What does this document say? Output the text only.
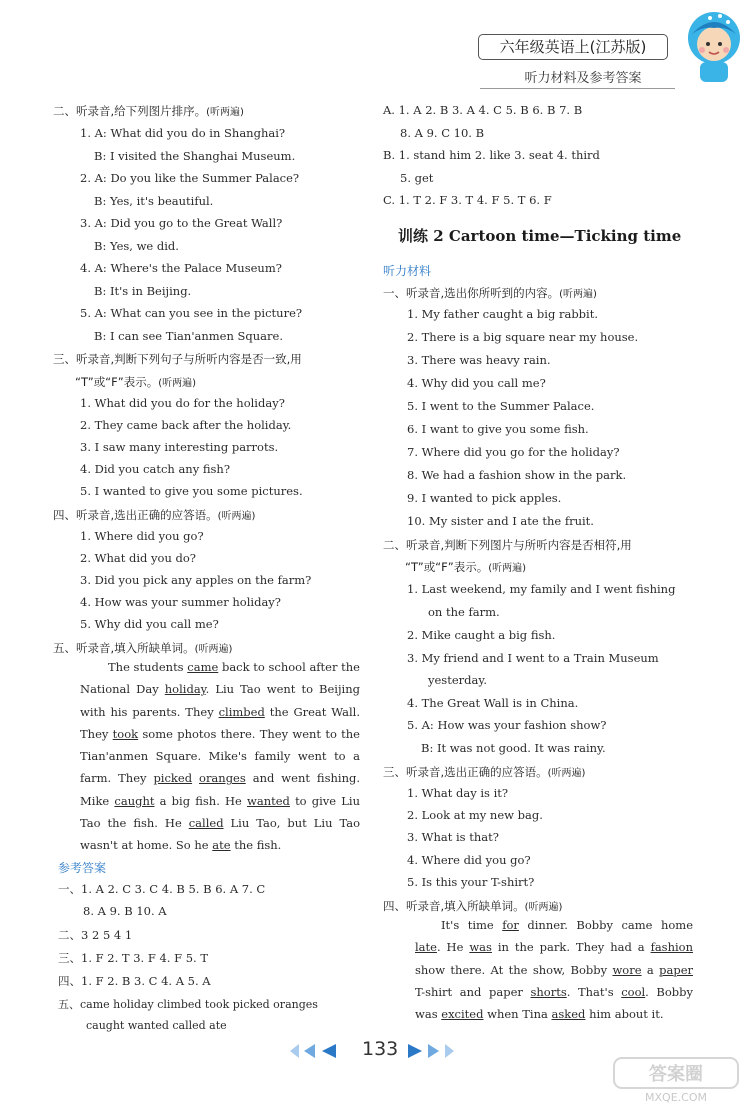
六年级英语上(江苏版)
听力材料及参考答案
二、听录音,给下列图片排序。(听两遍)
1. A: What did you do in Shanghai?
B: I visited the Shanghai Museum.
2. A: Do you like the Summer Palace?
B: Yes, it's beautiful.
3. A: Did you go to the Great Wall?
B: Yes, we did.
4. A: Where's the Palace Museum?
B: It's in Beijing.
5. A: What can you see in the picture?
B: I can see Tian'anmen Square.
三、听录音,判断下列句子与所听内容是否一致,用
“T”或“F”表示。(听两遍)
1. What did you do for the holiday?
2. They came back after the holiday.
3. I saw many interesting parrots.
4. Did you catch any fish?
5. I wanted to give you some pictures.
四、听录音,选出正确的应答语。(听两遍)
1. Where did you go?
2. What did you do?
3. Did you pick any apples on the farm?
4. How was your summer holiday?
5. Why did you call me?
五、听录音,填入所缺单词。(听两遍)
The students came back to school after the National Day holiday. Liu Tao went to Beijing with his parents. They climbed the Great Wall. They took some photos there. They went to the Tian'anmen Square. Mike's family went to a farm. They picked oranges and went fishing. Mike caught a big fish. He wanted to give Liu Tao the fish. He called Liu Tao, but Liu Tao wasn't at home. So he ate the fish.
参考答案
一、1. A 2. C 3. C 4. B 5. B 6. A 7. C
8. A 9. B 10. A
二、3 2 5 4 1
三、1. F 2. T 3. F 4. F 5. T
四、1. F 2. B 3. C 4. A 5. A
五、came holiday climbed took picked oranges
caught wanted called ate
A. 1. A 2. B 3. A 4. C 5. B 6. B 7. B
8. A 9. C 10. B
B. 1. stand him 2. like 3. seat 4. third
5. get
C. 1. T 2. F 3. T 4. F 5. T 6. F
训练 2 Cartoon time—Ticking time
听力材料
一、听录音,选出你所听到的内容。(听两遍)
1. My father caught a big rabbit.
2. There is a big square near my house.
3. There was heavy rain.
4. Why did you call me?
5. I went to the Summer Palace.
6. I want to give you some fish.
7. Where did you go for the holiday?
8. We had a fashion show in the park.
9. I wanted to pick apples.
10. My sister and I ate the fruit.
二、听录音,判断下列图片与所听内容是否相符,用
“T”或“F”表示。(听两遍)
1. Last weekend, my family and I went fishing
on the farm.
2. Mike caught a big fish.
3. My friend and I went to a Train Museum
yesterday.
4. The Great Wall is in China.
5. A: How was your fashion show?
B: It was not good. It was rainy.
三、听录音,选出正确的应答语。(听两遍)
1. What day is it?
2. Look at my new bag.
3. What is that?
4. Where did you go?
5. Is this your T-shirt?
四、听录音,填入所缺单词。(听两遍)
It's time for dinner. Bobby came home late. He was in the park. They had a fashion show there. At the show, Bobby wore a paper T-shirt and paper shorts. That's cool. Bobby was excited when Tina asked him about it.
133
答案圈
MXQE.COM
